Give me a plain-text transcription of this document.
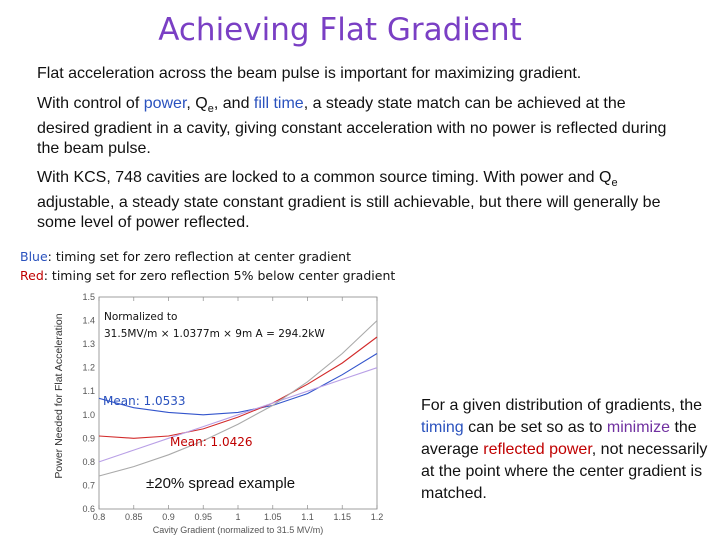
Achieving Flat Gradient

Flat acceleration across the beam pulse is important for maximizing gradient.

With control of power, $Q_e$, and fill time, a steady state match can be achieved at the desired gradient in a cavity, giving constant acceleration with no power is reflected during the beam pulse.

With KCS, 748 cavities are locked to a common source timing. With power and $Q_e$ adjustable, a steady state constant gradient is still achievable, but there will generally be some level of power reflected.

Blue: timing set for zero reflection at center gradient
Red: timing set for zero reflection 5% below center gradient
Power Needed for Flat Acceleration
0.6
0.7
0.8
0.9
1.0
1.1
1.2
1.3
1.4
1.5
0.8 0.85 0.9 0.95	1	1.05 1.1 1.15 1.2
Normalized to
31.5MV/m × 1.0377m × 9m A = 294.2kW
Mean: 1.0533
Mean: 1.0426
±20% spread example
Cavity Gradient (normalized to 31.5 MV/m)
For a given distribution of gradients, the timing can be set so as to minimize the average reflected power, not necessarily at the point where the center gradient is matched.
